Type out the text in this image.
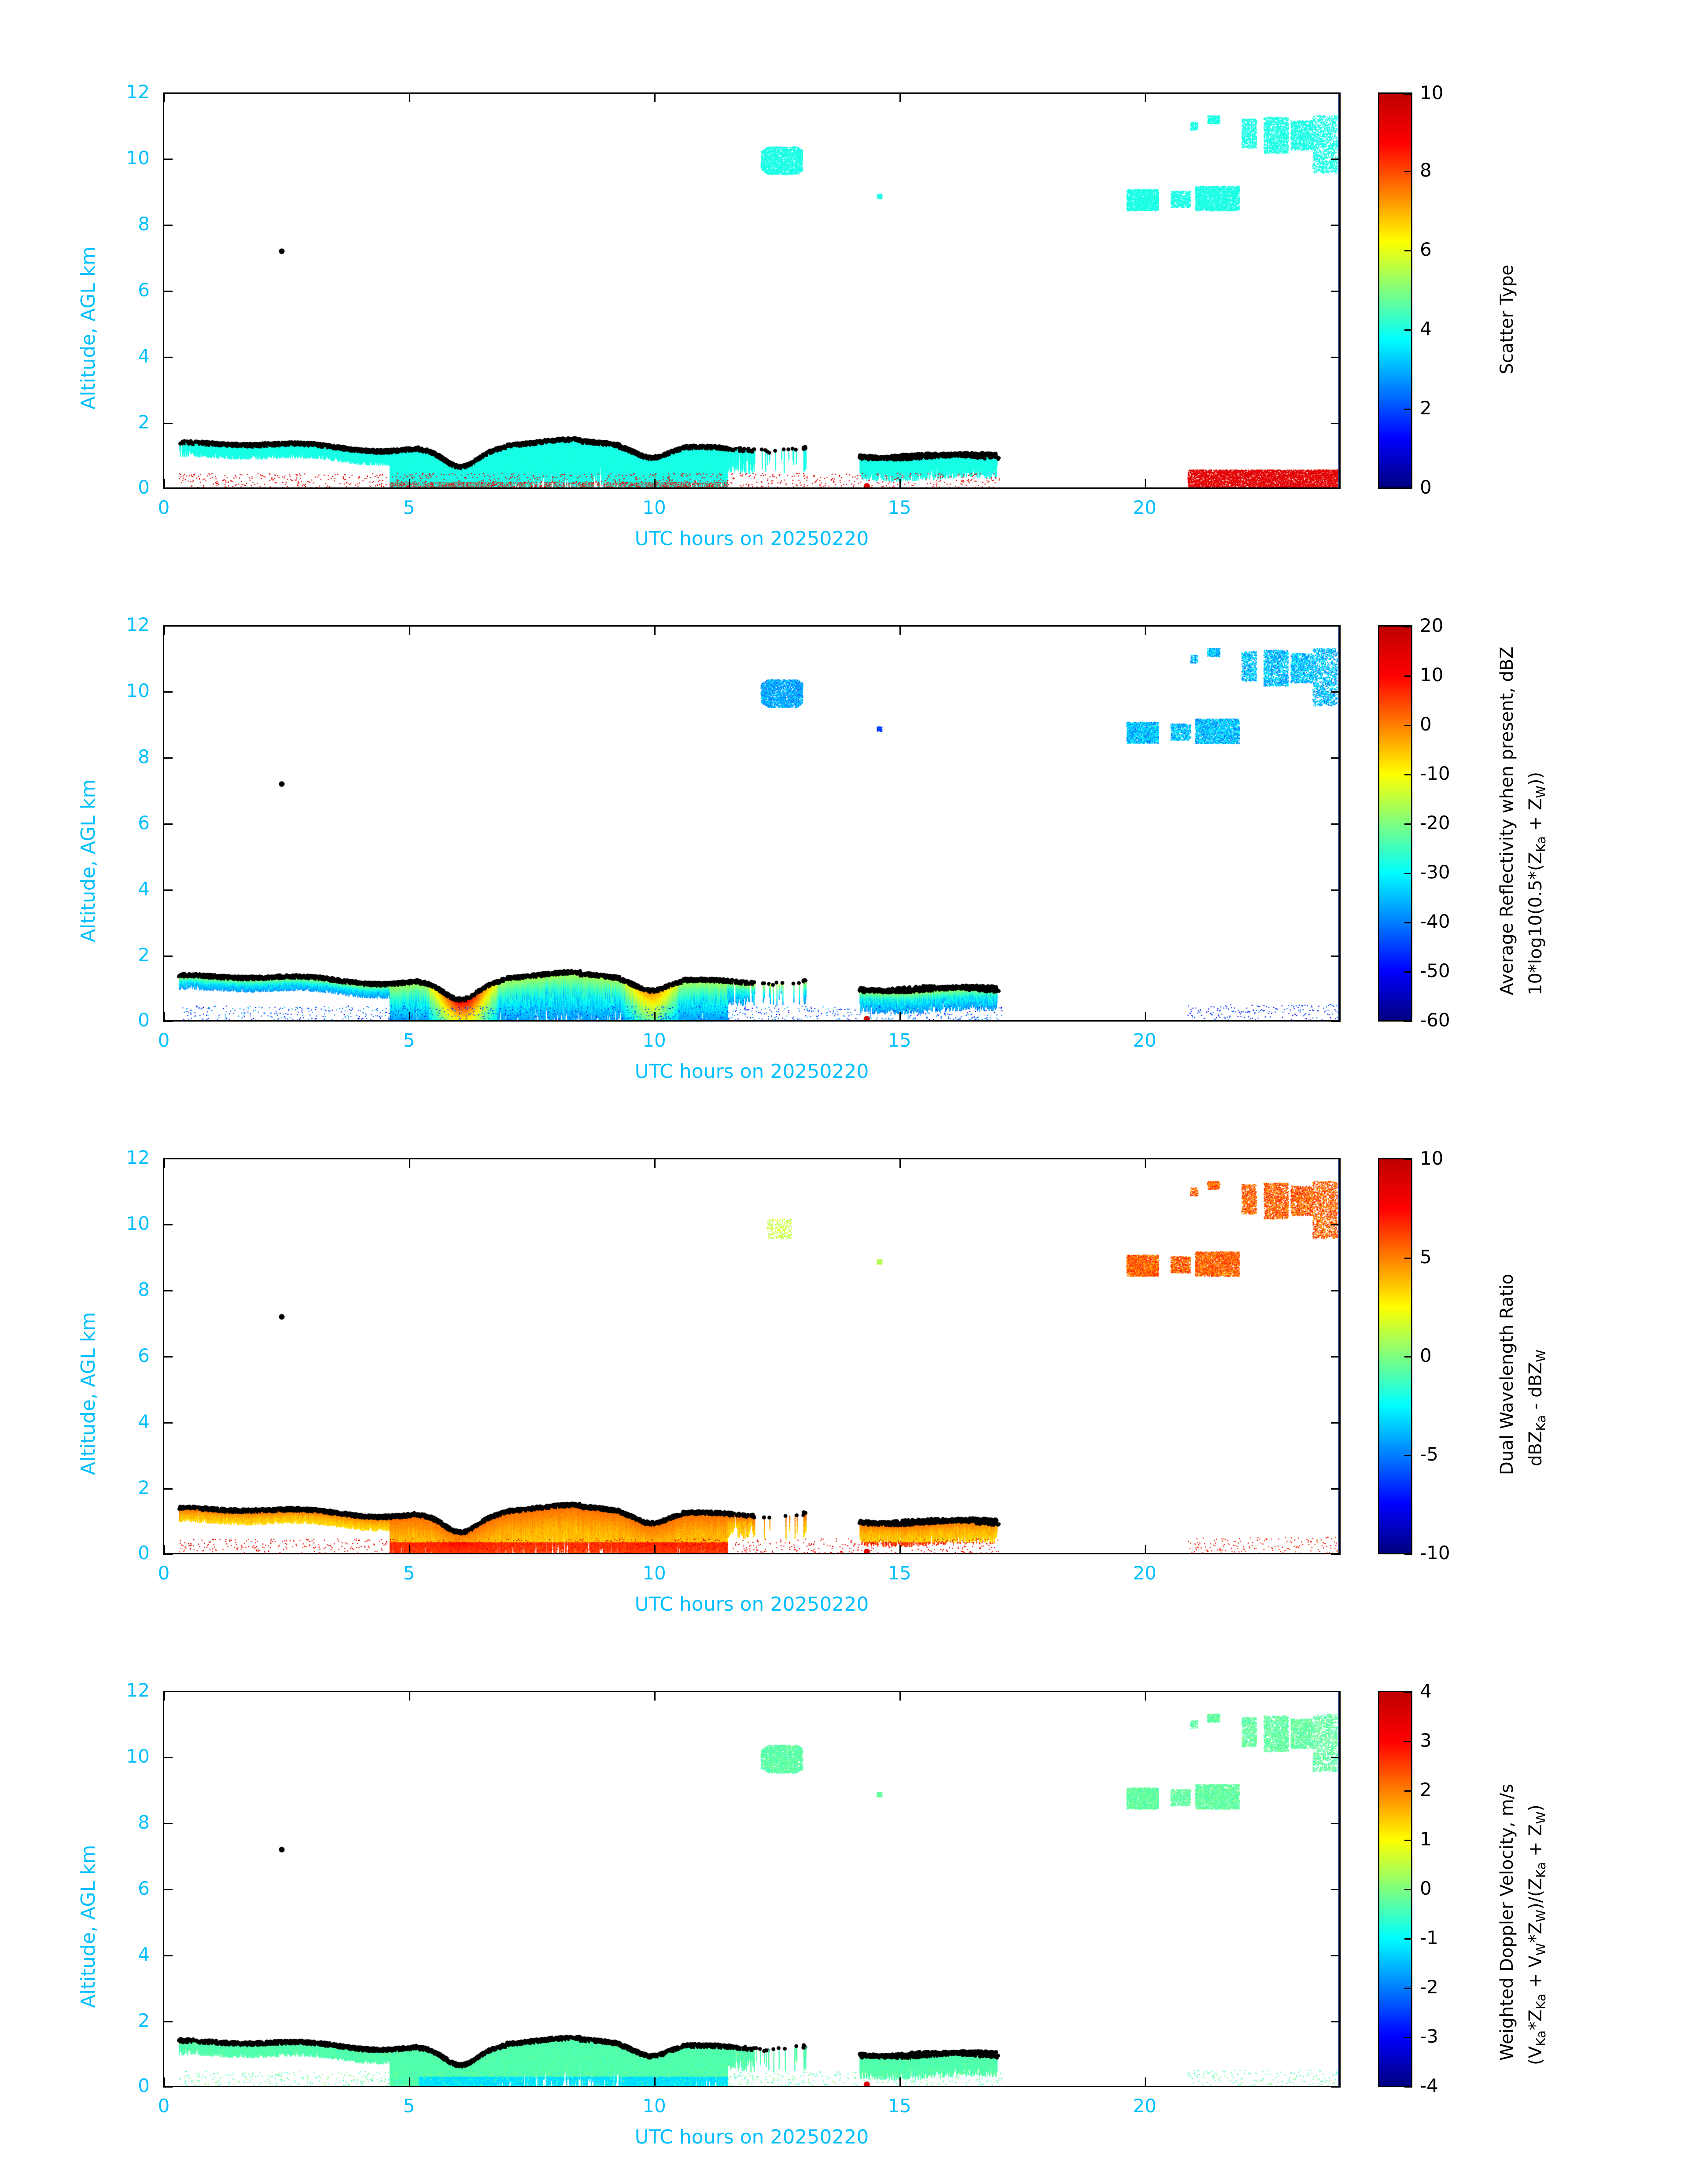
12
10
8
6
4
2
0
0	5	10	15	20
UTC hours on 20250220
Altitude, AGL km
0
2
4
6
8
10
Scatter Type
12
10
8
6
4
2
0
0	5	10	15	20
UTC hours on 20250220
Altitude, AGL km
-60
-50
-40
-30
-20
-10
0
10
20
Average Reflectivity when present, dBZ $10*\log 10(0.5*(Z_{Ka} + Z_W))$
12
10
8
6
4
2
0
0	5	10	15	20
UTC hours on 20250220
Altitude, AGL km
-10
-5
0
5
10
Dual Wavelength Ratio dBZ$_{Ka}$ - dBZ$_W$
12
10
8
6
4
2
0
0	5	10	15	20
UTC hours on 20250220
Altitude, AGL km
-4
-3
-2
-1
0
1
2
3
4
Weighted Doppler Velocity, m/s $(V_{Ka}*Z_{Ka} + V_W*Z_W)/(Z_{Ka} + Z_W)$
